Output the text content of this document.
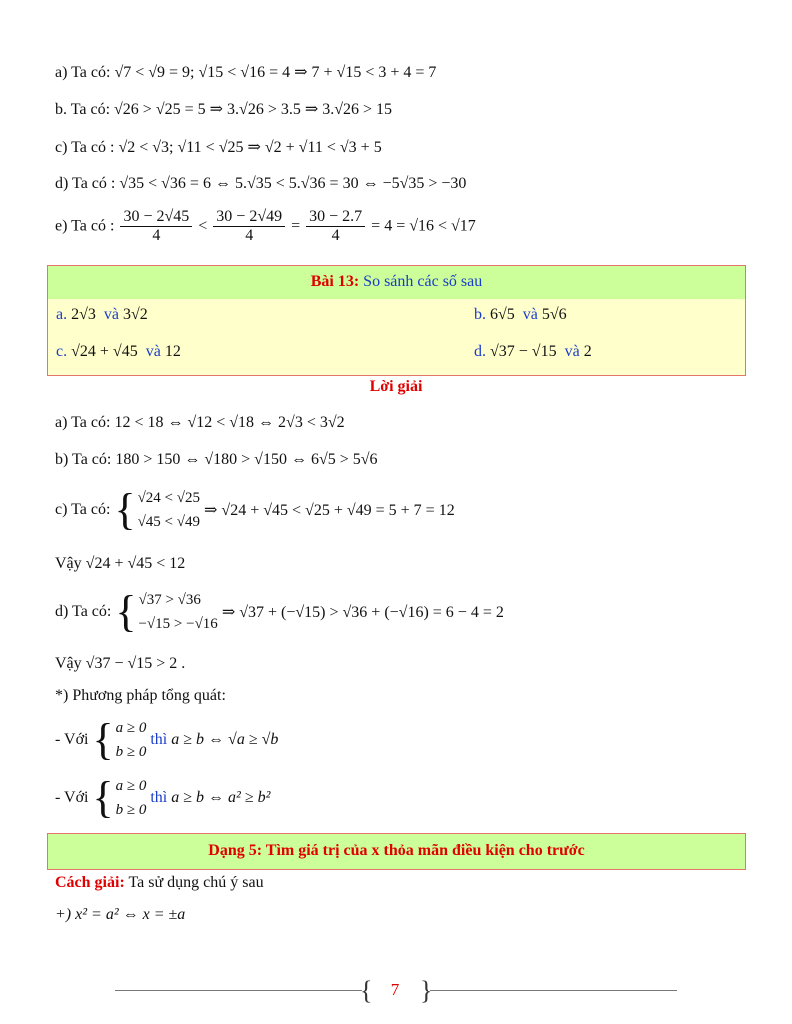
a) Ta có: √7 < √9 = 9; √15 < √16 = 4 ⇒ 7 + √15 < 3 + 4 = 7
b. Ta có: √26 > √25 = 5 ⇒ 3.√26 > 3.5 ⇒ 3.√26 > 15
c) Ta có : √2 < √3; √11 < √25 ⇒ √2 + √11 < √3 + 5
d) Ta có : √35 < √36 = 6 ⇔ 5.√35 < 5.√36 = 30 ⇔ −5√35 > −30
e) Ta có : $\frac{30 - 2√45}{4} < \frac{30 - 2√49}{4} = \frac{30 - 2.7}{4} = 4 = √16 < √17$
Bài 13: So sánh các số sau
a. 2√3 và 3√2	b. 6√5 và 5√6
c. √24 + √45 và 12	d. √37 − √15 và 2
Lời giải
a) Ta có: 12 < 18 ⇔ √12 < √18 ⇔ 2√3 < 3√2
b) Ta có: 180 > 150 ⇔ √180 > √150 ⇔ 6√5 > 5√6
c) Ta có: { √24 < √25
√45 < √49
⇒ √24 + √45 < √25 + √49 = 5 + 7 = 12
Vậy √24 + √45 < 12
d) Ta có: { √37 > √36
−√15 > −√16
⇒ √37 + (−√15) > √36 + (−√16) = 6 − 4 = 2
Vậy √37 − √15 > 2 .
*) Phương pháp tổng quát:
- Với { a ≥ 0
b ≥ 0
thì a ≥ b ⇔ √a ≥ √b
- Với { a ≥ 0
b ≥ 0
thì a ≥ b ⇔ a² ≥ b²
Dạng 5: Tìm giá trị của x thỏa mãn điều kiện cho trước
Cách giải: Ta sử dụng chú ý sau
+) x² = a² ⇔ x = ±a
{ }
7
